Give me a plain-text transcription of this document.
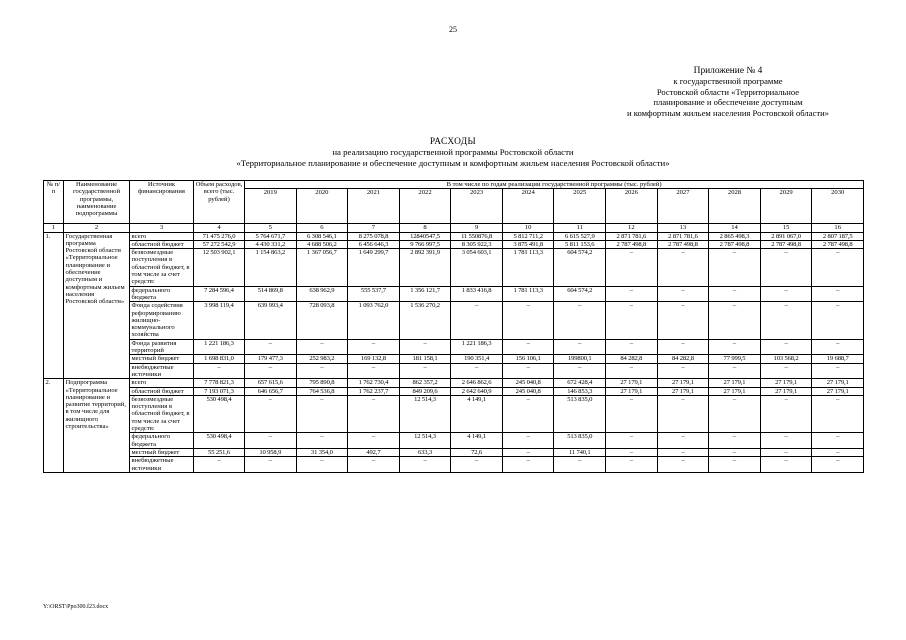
25
Приложение № 4
к государственной программе
Ростовской области «Территориальное
планирование и обеспечение доступным
и комфортным жильем населения Ростовской области»
РАСХОДЫ
на реализацию государственной программы Ростовской области
«Территориальное планирование и обеспечение доступным и комфортным жильем населения Ростовской области»
№ п/п	Наименование государственной программы, наименование подпрограммы	Источник финансирования	Объем расходов, всего (тыс. рублей)	В том числе по годам реализации государственной программы (тыс. рублей)											
				2019	2020	2021	2022	2023	2024	2025	2026	2027	2028	2029	2030
1	2	3	4	5	6	7	8	9	10	11	12	13	14	15	16
1.	Государственная программа Ростовской области «Территориальное планирование и обеспечение доступным и комфортным жильем населения Ростовской области»	всего	71 475 276,0	5 764 671,7	6 308 546,1	8 275 078,8	12840547,5	11 550876,8	5 812 711,2	6 615 527,9	2 871 781,6	2 871 781,6	2 865 498,3	2 891 067,0	2 807 187,5
		областной бюджет	57 272 542,9	4 430 331,2	4 688 506,2	6 456 646,3	9 766 997,5	8 305 922,3	3 875 491,8	5 811 153,6	2 787 498,8	2 787 498,8	2 787 498,8	2 787 498,8	2 787 498,8
		безвозмездные поступления в областной бюджет, в том числе за счет средств:	12 503 902,1	1 154 863,2	1 367 056,7	1 649 299,7	2 892 391,9	3 054 603,1	1 781 113,3	604 574,2	–	–	–	–	–
		федерального бюджета	7 284 596,4	514 869,8	638 962,9	555 537,7	1 356 121,7	1 833 416,8	1 781 113,3	604 574,2	–	–	–	–	–
		Фонда содействия реформированию жилищно-коммунального хозяйства	3 998 119,4	639 993,4	728 093,8	1 093 762,0	1 536 270,2	–	–	–	–	–	–	–	–
		Фонда развития территорий	1 221 186,3	–	–	–	–	1 221 186,3	–	–	–	–	–	–	–
		местный бюджет	1 698 831,0	179 477,3	252 983,2	169 132,8	181 158,1	190 351,4	156 106,1	199800,1	84 282,8	84 282,8	77 999,5	103 568,2	19 688,7
		внебюджетные источники	–	–	–	–	–	–	–	–	–	–	–	–	–
2.	Подпрограмма «Территориальное планирование и развитие территорий, в том числе для жилищного строительства»	всего	7 778 821,3	657 615,6	795 890,8	1 762 730,4	862 357,2	2 646 862,6	245 040,8	672 428,4	27 179,1	27 179,1	27 179,1	27 179,1	27 179,1
		областной бюджет	7 193 071,3	646 656,7	764 536,8	1 762 237,7	849 209,6	2 642 640,9	245 040,8	146 853,3	27 179,1	27 179,1	27 179,1	27 179,1	27 179,1
		безвозмездные поступления в областной бюджет, в том числе за счет средств:	530 498,4	–	–	–	12 514,3	4 149,1	–	513 835,0	–	–	–	–	–
		федерального бюджета	530 498,4	–	–	–	12 514,3	4 149,1	–	513 835,0	–	–	–	–	–
		местный бюджет	55 251,6	10 958,9	31 354,0	492,7	633,3	72,6	–	11 740,1	–	–	–	–	–
		внебюджетные источники	–	–	–	–	–	–	–	–	–	–	–	–	–
Y:\ORST\Ppo300.f23.docx
